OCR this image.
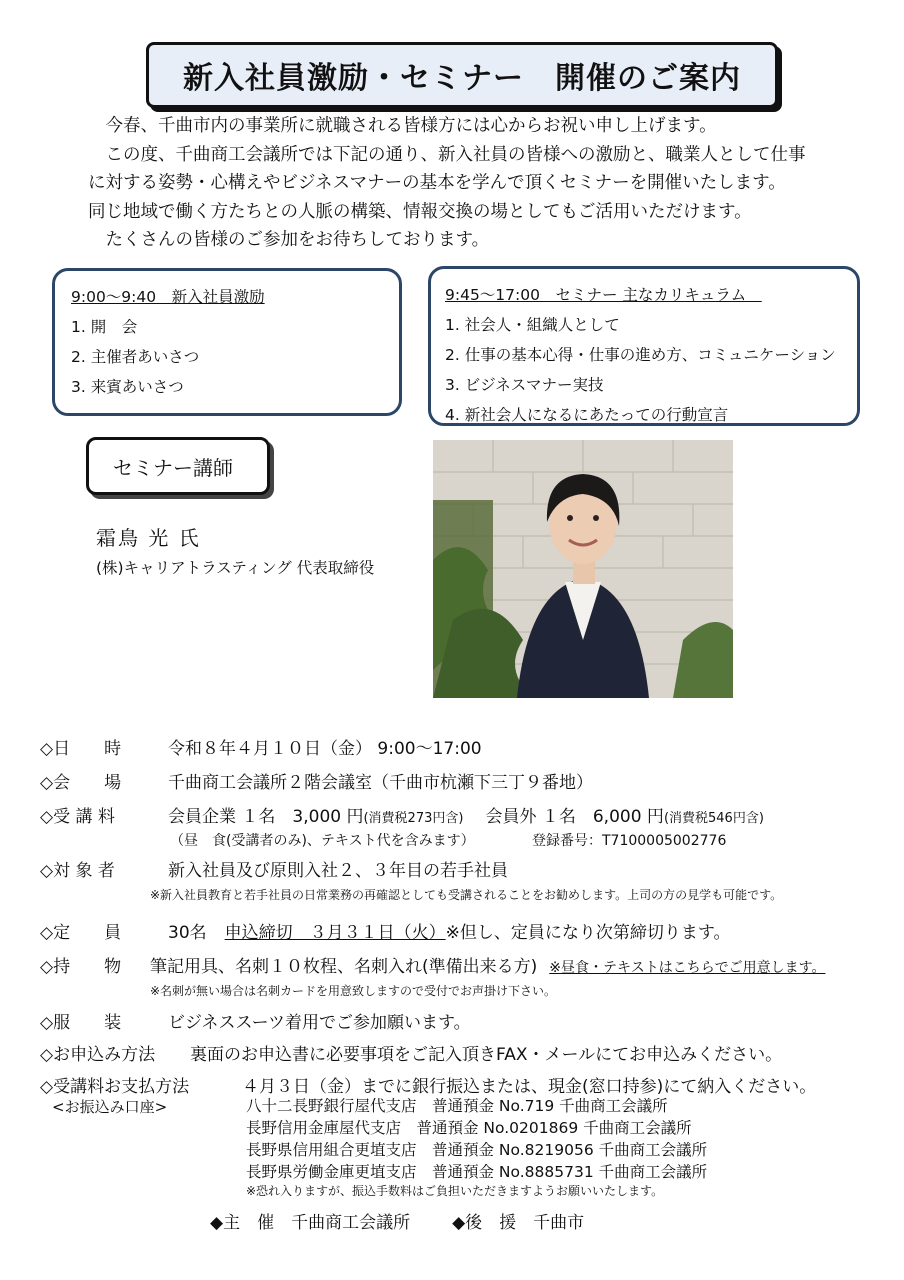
新入社員激励・セミナー　開催のご案内
　今春、千曲市内の事業所に就職される皆様方には心からお祝い申し上げます。
　この度、千曲商工会議所では下記の通り、新入社員の皆様への激励と、職業人として仕事
に対する姿勢・心構えやビジネスマナーの基本を学んで頂くセミナーを開催いたします。
同じ地域で働く方たちとの人脈の構築、情報交換の場としてもご活用いただけます。
　たくさんの皆様のご参加をお待ちしております。
9:00～9:40　新入社員激励
1. 開　会
2. 主催者あいさつ
3. 来賓あいさつ
9:45～17:00　セミナー 主なカリキュラム　
1. 社会人・組織人として
2. 仕事の基本心得・仕事の進め方、コミュニケーション
3. ビジネスマナー実技
4. 新社会人になるにあたっての行動宣言
セミナー講師
霜鳥 光 氏
(株)キャリアトラスティング 代表取締役
◇日　　時	令和８年４月１０日（金） 9:00～17:00
◇会　　場	千曲商工会議所２階会議室（千曲市杭瀬下三丁９番地）
◇受 講 料	会員企業 １名　3,000 円(消費税273円含) 会員外 １名　6,000 円(消費税546円含)
（昼　食(受講者のみ)、テキスト代を含みます）	登録番号：T7100005002776
◇対 象 者	新入社員及び原則入社２、３年目の若手社員
※新入社員教育と若手社員の日常業務の再確認としても受講されることをお勧めします。上司の方の見学も可能です。
◇定　　員	30名 申込締切　３月３１日（火）※但し、定員になり次第締切ります。
◇持　　物 筆記用具、名刺１０枚程、名刺入れ(準備出来る方) ※昼食・テキストはこちらでご用意します。
※名刺が無い場合は名刺カードを用意致しますので受付でお声掛け下さい。
◇服　　装	ビジネススーツ着用でご参加願います。
◇お申込み方法 裏面のお申込書に必要事項をご記入頂きFAX・メールにてお申込みください。
◇受講料お支払方法	４月３日（金）までに銀行振込または、現金(窓口持参)にて納入ください。
<お振込み口座>	八十二長野銀行屋代支店　普通預金 No.719 千曲商工会議所
長野信用金庫屋代支店　普通預金 No.0201869 千曲商工会議所
長野県信用組合更埴支店　普通預金 No.8219056 千曲商工会議所
長野県労働金庫更埴支店　普通預金 No.8885731 千曲商工会議所
※恐れ入りますが、振込手数料はご負担いただきますようお願いいたします。
◆主　催　千曲商工会議所 ◆後　援　千曲市
